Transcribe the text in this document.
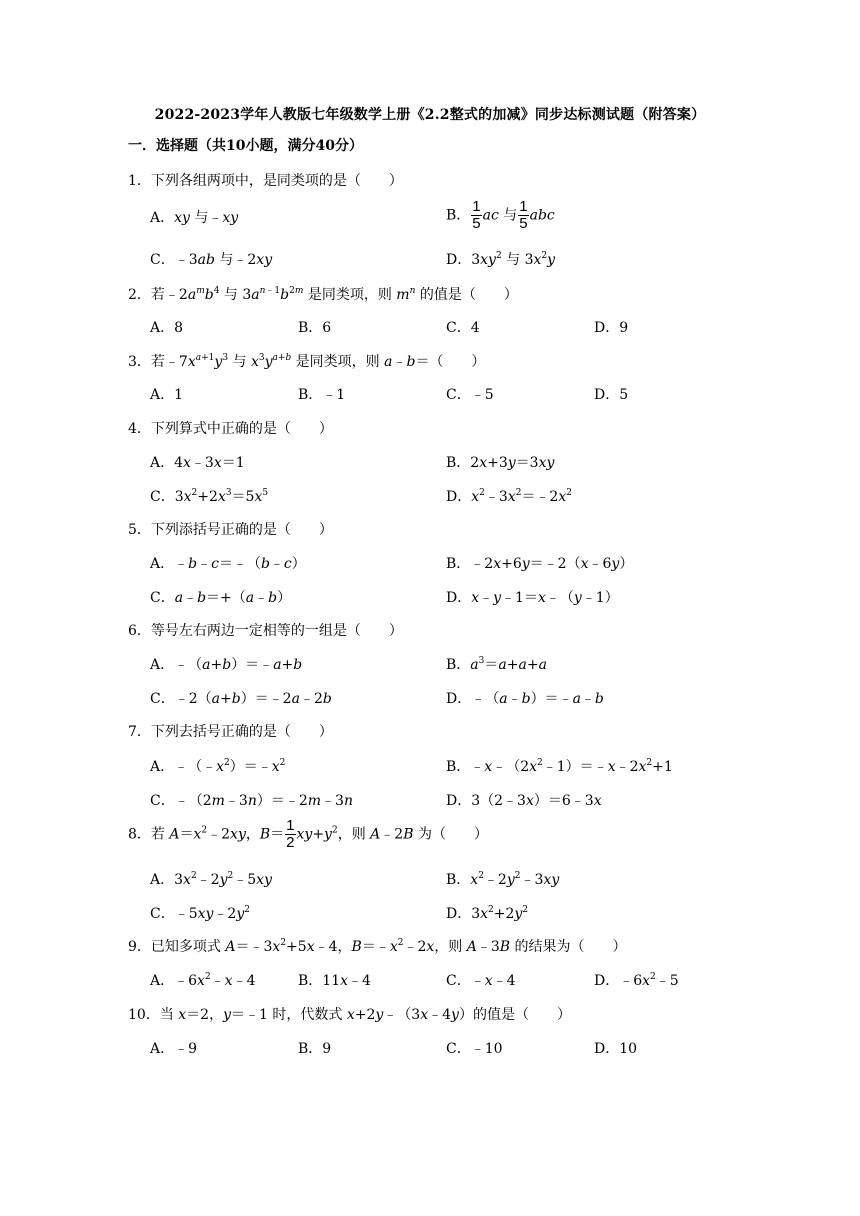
2022-2023学年人教版七年级数学上册《2.2整式的加减》同步达标测试题（附答案）
一．选择题（共10小题，满分40分）
1．下列各组两项中，是同类项的是（　　）
A．xy 与﹣xy	B． $\frac{1}{5}$ ac 与 $\frac{1}{5}$ abc
C．﹣3ab 与﹣2xy	D．$3xy^2$ 与 $3x^2y$
2．若$﹣2a^mb^4$ 与 $3a^{n﹣1}b^{2m}$ 是同类项，则 $m^n$ 的值是（　　）
A．8	B．6	C．4	D．9
3．若$﹣7x^{a+1}y^3$ 与 $x^3y^{a+b}$ 是同类项，则 a﹣b＝（　　）
A．1	B．﹣1	C．﹣5	D．5
4．下列算式中正确的是（　　）
A．4x﹣3x＝1	B．2x+3y＝3xy
C．$3x^2+2x^3=5x^5$	D．$x^2﹣3x^2=﹣2x^2$
5．下列添括号正确的是（　　）
A．﹣b﹣c＝﹣（b﹣c）	B．﹣2x+6y＝﹣2（x﹣6y）
C．a﹣b＝+（a﹣b）	D．x﹣y﹣1＝x﹣（y﹣1）
6．等号左右两边一定相等的一组是（　　）
A．﹣（a+b）＝﹣a+b	B．$a^3=a+a+a$
C．﹣2（a+b）＝﹣2a﹣2b	D．﹣（a﹣b）＝﹣a﹣b
7．下列去括号正确的是（　　）
A．$﹣(﹣x^2)=﹣x^2$	B．$﹣x﹣(2x^2﹣1)=﹣x﹣2x^2+1$
C．﹣（2m﹣3n）＝﹣2m﹣3n	D．3（2﹣3x）＝6﹣3x
8．若 $A=x^2﹣2xy$，$B= \frac{1}{2} xy+y^2$，则 A﹣2B 为（　　）
A．$3x^2﹣2y^2﹣5xy$	B．$x^2﹣2y^2﹣3xy$
C．$﹣5xy﹣2y^2$	D．$3x^2+2y^2$
9．已知多项式 $A=﹣3x^2+5x﹣4$，$B=﹣x^2﹣2x$，则 A﹣3B 的结果为（　　）
A．$﹣6x^2﹣x﹣4$	B．11x﹣4	C．﹣x﹣4	D．$﹣6x^2﹣5$
10．当 x＝2，y＝﹣1 时，代数式 x+2y﹣（3x﹣4y）的值是（　　）
A．﹣9	B．9	C．﹣10	D．10
